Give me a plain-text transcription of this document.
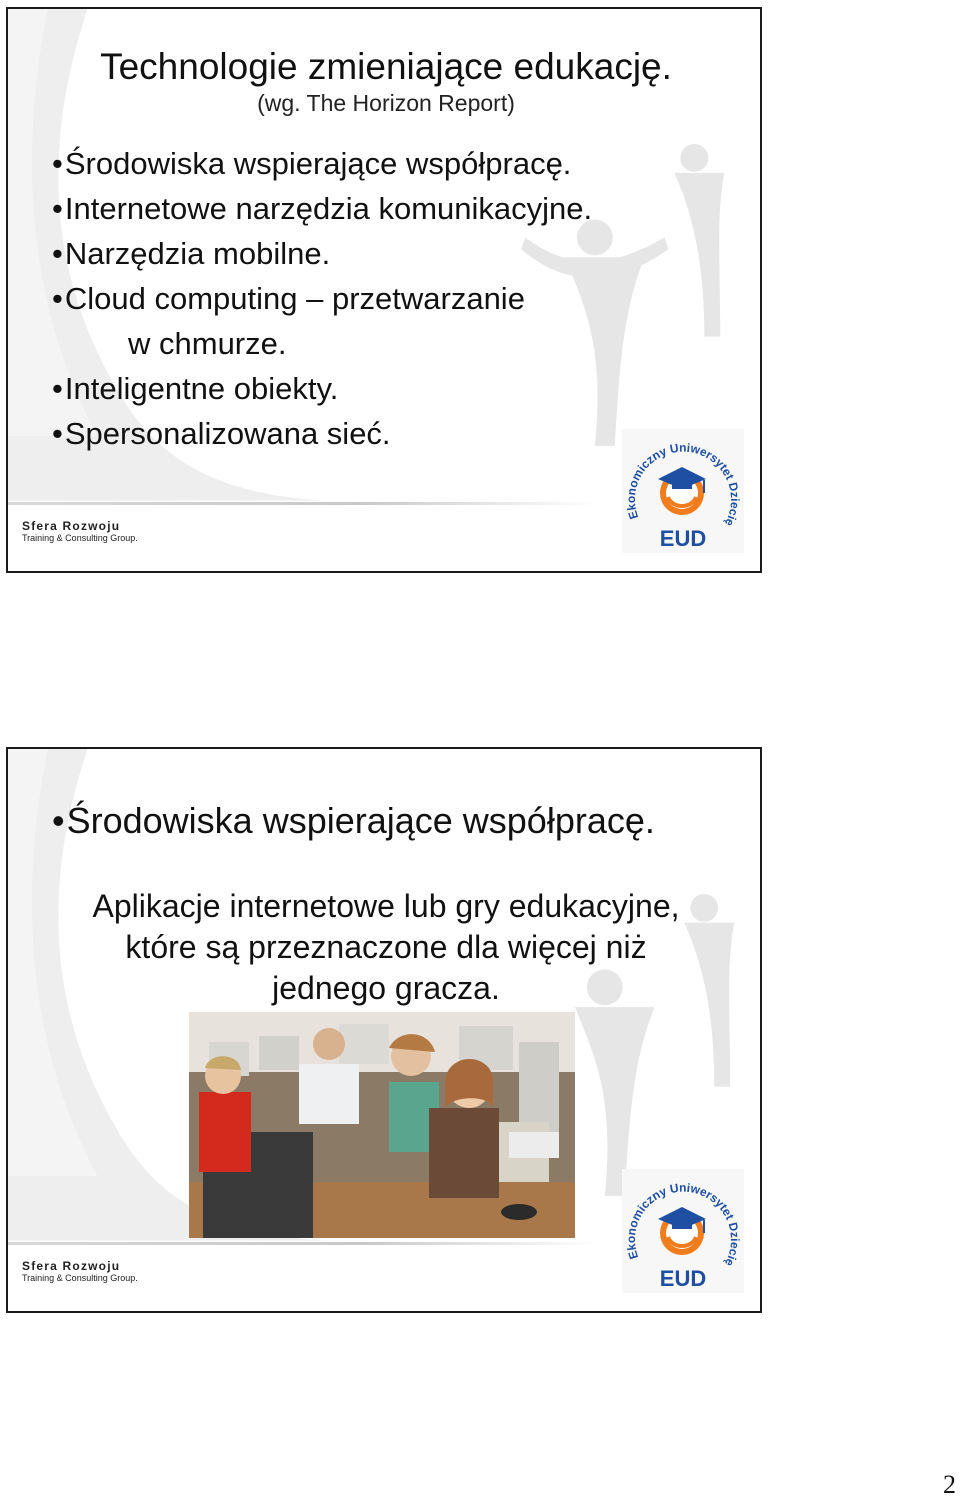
Technologie zmieniające edukację.
(wg. The Horizon Report)
• Środowiska wspierające współpracę.
• Internetowe narzędzia komunikacyjne.
• Narzędzia mobilne.
• Cloud computing – przetwarzanie
w chmurze.
• Inteligentne obiekty.
• Spersonalizowana sieć.
Sfera Rozwoju
Training & Consulting Group.
Ekonomiczny Uniwersytet Dziecię
EUD
• Środowiska wspierające współpracę.
Aplikacje internetowe lub gry edukacyjne,
które są przeznaczone dla więcej niż
jednego gracza.
Sfera Rozwoju
Training & Consulting Group.
Ekonomiczny Uniwersytet Dziecię
EUD
2
